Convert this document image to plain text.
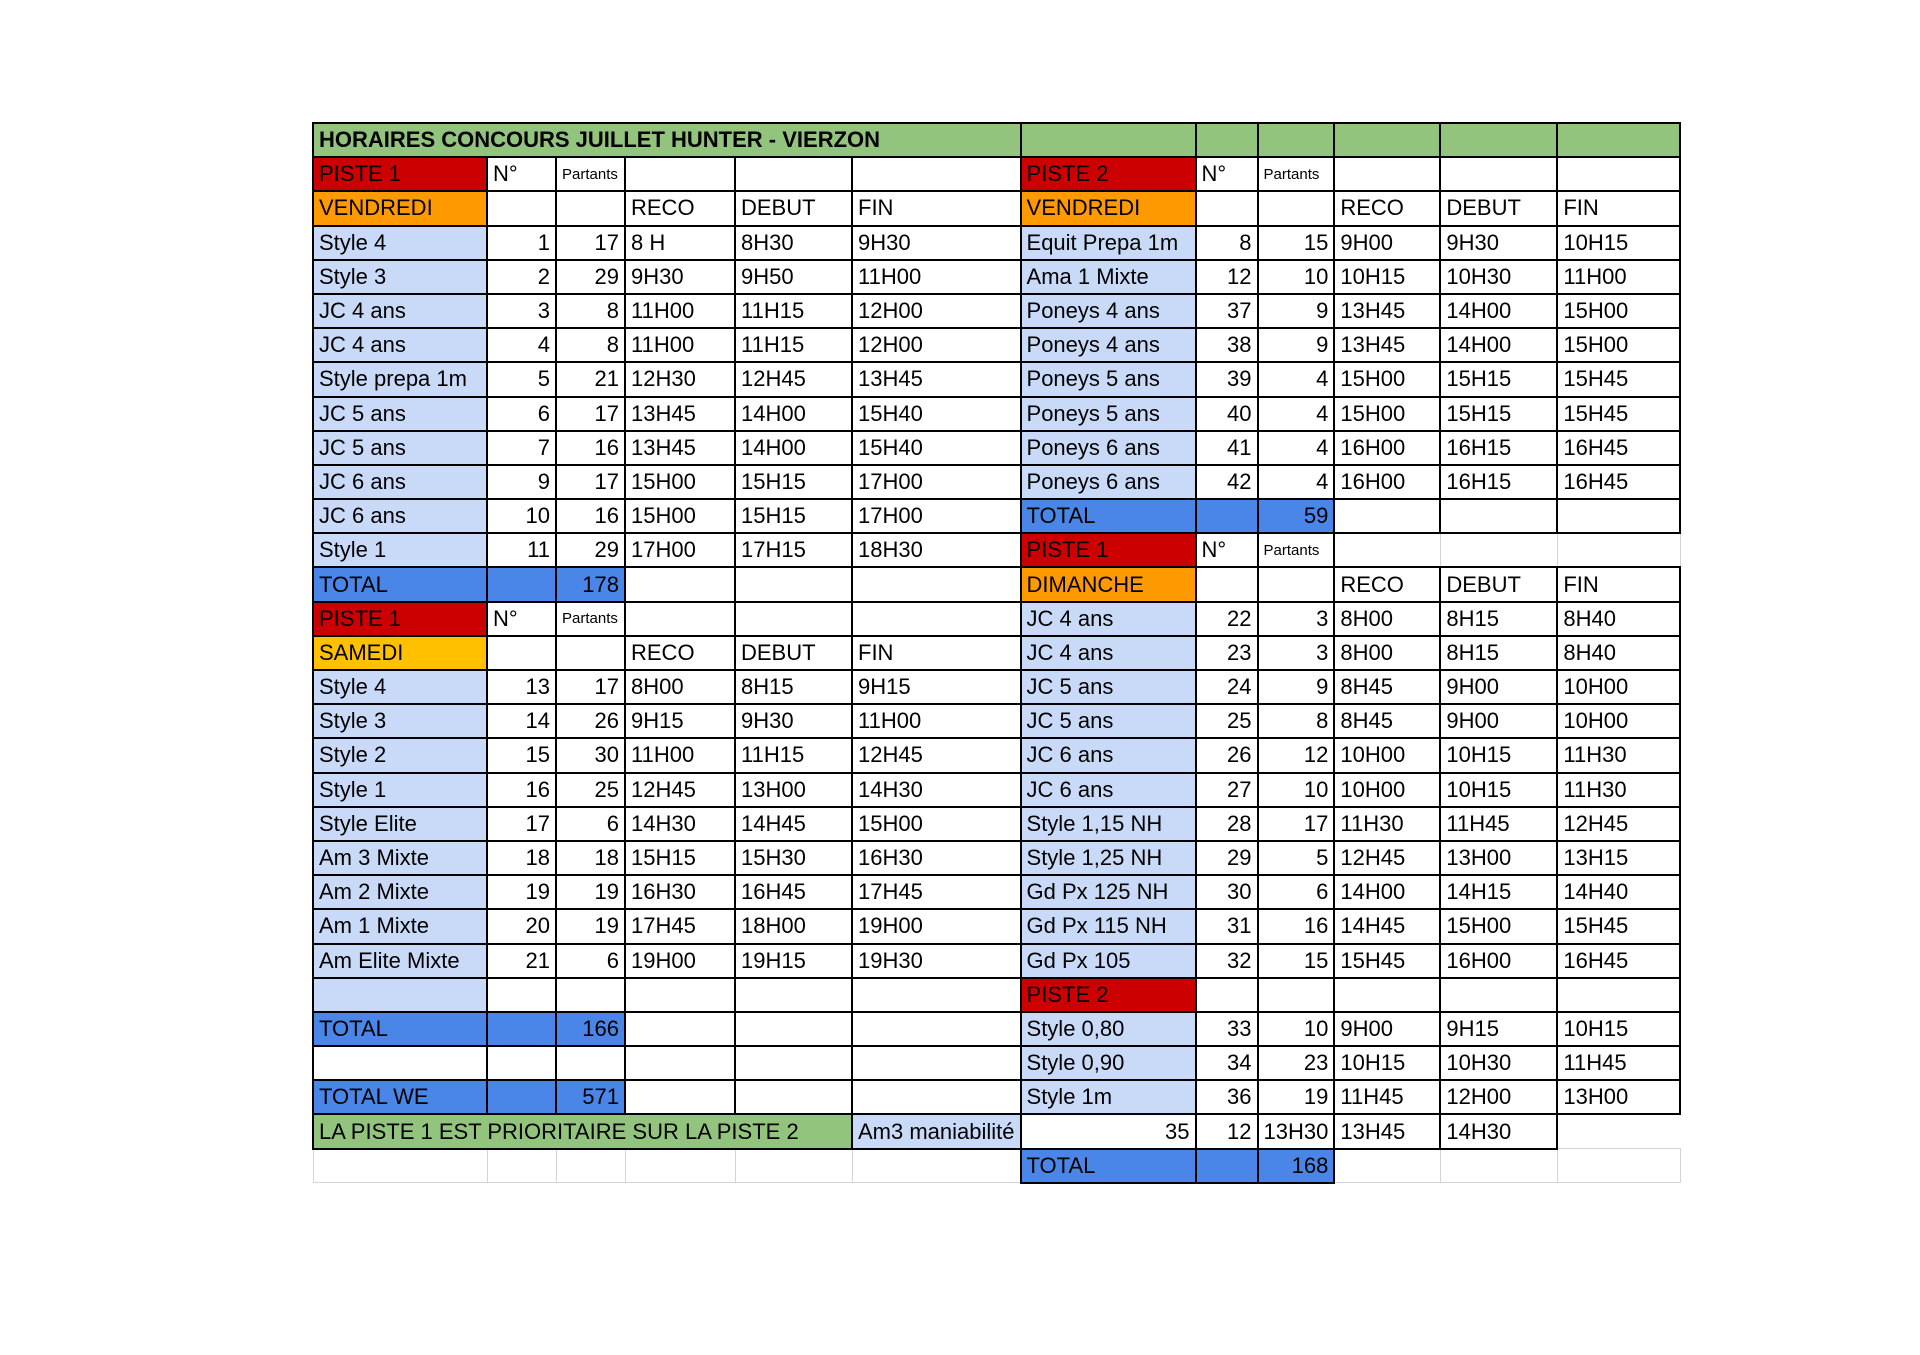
HORAIRES CONCOURS JUILLET HUNTER - VIERZON											
PISTE 1	N°	Partants				PISTE 2	N°	Partants			
VENDREDI			RECO	DEBUT	FIN	VENDREDI			RECO	DEBUT	FIN
Style 4	1	17	8 H	8H30	9H30	Equit Prepa 1m	8	15	9H00	9H30	10H15
Style 3	2	29	9H30	9H50	11H00	Ama 1 Mixte	12	10	10H15	10H30	11H00
JC 4 ans	3	8	11H00	11H15	12H00	Poneys 4 ans	37	9	13H45	14H00	15H00
JC 4 ans	4	8	11H00	11H15	12H00	Poneys 4 ans	38	9	13H45	14H00	15H00
Style prepa 1m	5	21	12H30	12H45	13H45	Poneys 5 ans	39	4	15H00	15H15	15H45
JC 5 ans	6	17	13H45	14H00	15H40	Poneys 5 ans	40	4	15H00	15H15	15H45
JC 5 ans	7	16	13H45	14H00	15H40	Poneys 6 ans	41	4	16H00	16H15	16H45
JC 6 ans	9	17	15H00	15H15	17H00	Poneys 6 ans	42	4	16H00	16H15	16H45
JC 6 ans	10	16	15H00	15H15	17H00	TOTAL		59			
Style 1	11	29	17H00	17H15	18H30	PISTE 1	N°	Partants			
TOTAL		178				DIMANCHE			RECO	DEBUT	FIN
PISTE 1	N°	Partants				JC 4 ans	22	3	8H00	8H15	8H40
SAMEDI			RECO	DEBUT	FIN	JC 4 ans	23	3	8H00	8H15	8H40
Style 4	13	17	8H00	8H15	9H15	JC 5 ans	24	9	8H45	9H00	10H00
Style 3	14	26	9H15	9H30	11H00	JC 5 ans	25	8	8H45	9H00	10H00
Style 2	15	30	11H00	11H15	12H45	JC 6 ans	26	12	10H00	10H15	11H30
Style 1	16	25	12H45	13H00	14H30	JC 6 ans	27	10	10H00	10H15	11H30
Style Elite	17	6	14H30	14H45	15H00	Style 1,15 NH	28	17	11H30	11H45	12H45
Am 3 Mixte	18	18	15H15	15H30	16H30	Style 1,25 NH	29	5	12H45	13H00	13H15
Am 2 Mixte	19	19	16H30	16H45	17H45	Gd Px 125 NH	30	6	14H00	14H15	14H40
Am 1 Mixte	20	19	17H45	18H00	19H00	Gd Px 115 NH	31	16	14H45	15H00	15H45
Am Elite Mixte	21	6	19H00	19H15	19H30	Gd Px 105	32	15	15H45	16H00	16H45
						PISTE 2					
TOTAL		166				Style 0,80	33	10	9H00	9H15	10H15
						Style 0,90	34	23	10H15	10H30	11H45
TOTAL WE		571				Style 1m	36	19	11H45	12H00	13H00
LA PISTE 1 EST PRIORITAIRE SUR LA PISTE 2					Am3 maniabilité	35	12	13H30	13H45	14H30	
						TOTAL		168			
